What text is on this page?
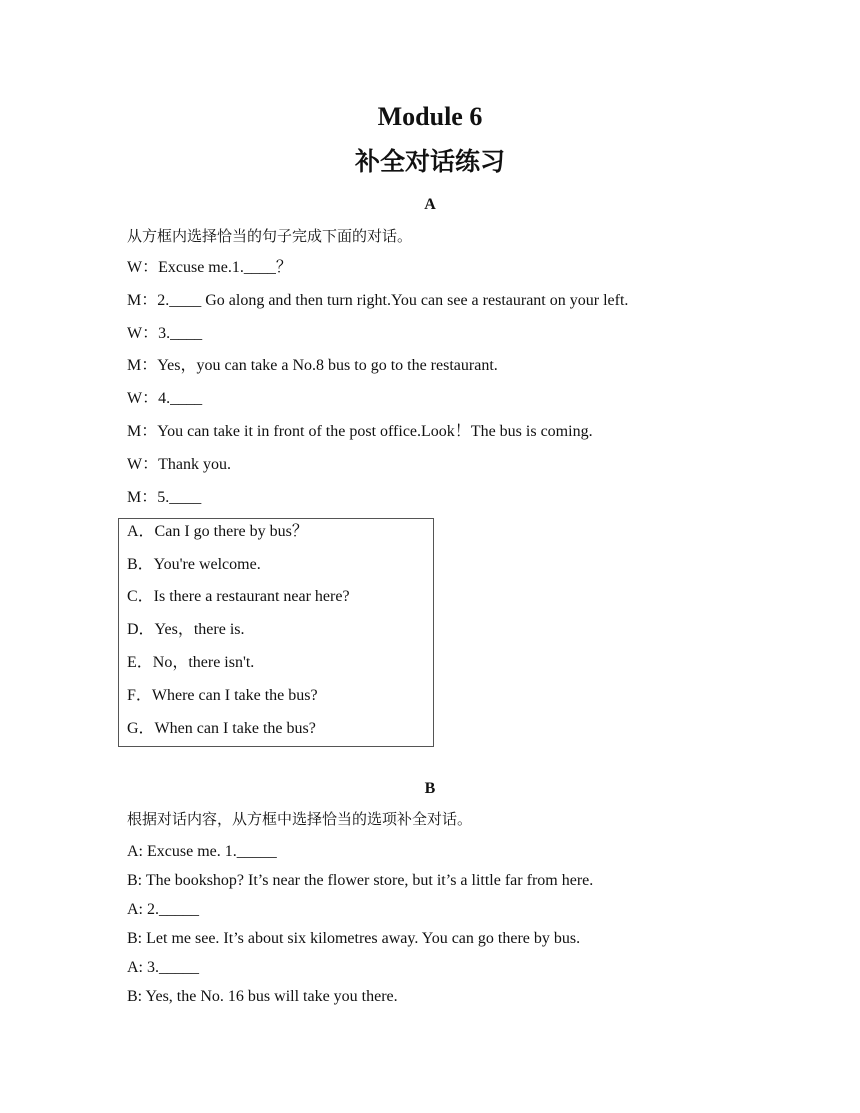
Module 6
补全对话练习
A
从方框内选择恰当的句子完成下面的对话。
W：Excuse me.1.____？
M：2.____ Go along and then turn right.You can see a restaurant on your left.
W：3.____
M：Yes，you can take a No.8 bus to go to the restaurant.
W：4.____
M：You can take it in front of the post office.Look！The bus is coming.
W：Thank you.
M：5.____
A．Can I go there by bus？
B．You're welcome.
C．Is there a restaurant near here?
D．Yes，there is.
E．No，there isn't.
F．Where can I take the bus?
G．When can I take the bus?
B
根据对话内容，从方框中选择恰当的选项补全对话。
A: Excuse me. 1._____
B: The bookshop? It’s near the flower store, but it’s a little far from here.
A: 2._____
B: Let me see. It’s about six kilometres away. You can go there by bus.
A: 3._____
B: Yes, the No. 16 bus will take you there.
